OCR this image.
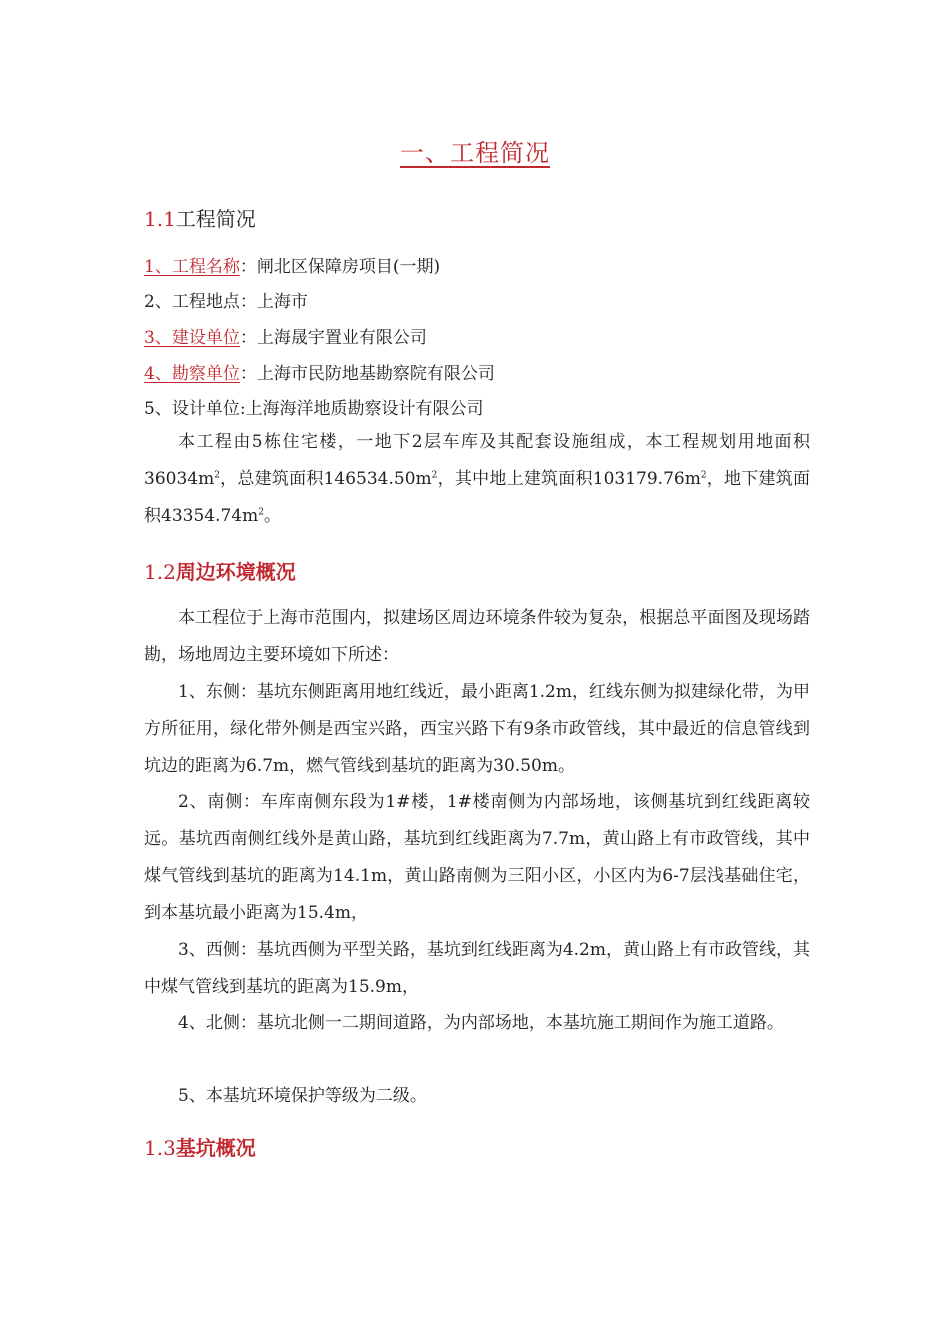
一、工程简况
1.1工程简况
1、工程名称：闸北区保障房项目(一期)
2、工程地点：上海市
3、建设单位：上海晟宇置业有限公司
4、勘察单位：上海市民防地基勘察院有限公司
5、设计单位:上海海洋地质勘察设计有限公司
本工程由5栋住宅楼，一地下2层车库及其配套设施组成，本工程规划用地面积$36034m^2$，总建筑面积$146534.50m^2$，其中地上建筑面积$103179.76m^2$，地下建筑面积$43354.74m^2$。
1.2周边环境概况
本工程位于上海市范围内，拟建场区周边环境条件较为复杂，根据总平面图及现场踏勘，场地周边主要环境如下所述：
1、东侧：基坑东侧距离用地红线近，最小距离1.2m，红线东侧为拟建绿化带，为甲方所征用，绿化带外侧是西宝兴路，西宝兴路下有9条市政管线，其中最近的信息管线到坑边的距离为6.7m，燃气管线到基坑的距离为30.50m。
2、南侧：车库南侧东段为1#楼，1#楼南侧为内部场地，该侧基坑到红线距离较远。基坑西南侧红线外是黄山路，基坑到红线距离为7.7m，黄山路上有市政管线，其中煤气管线到基坑的距离为14.1m，黄山路南侧为三阳小区，小区内为6-7层浅基础住宅，到本基坑最小距离为15.4m，
3、西侧：基坑西侧为平型关路，基坑到红线距离为4.2m，黄山路上有市政管线，其中煤气管线到基坑的距离为15.9m，
4、北侧：基坑北侧一二期间道路，为内部场地，本基坑施工期间作为施工道路。
5、本基坑环境保护等级为二级。
1.3基坑概况
